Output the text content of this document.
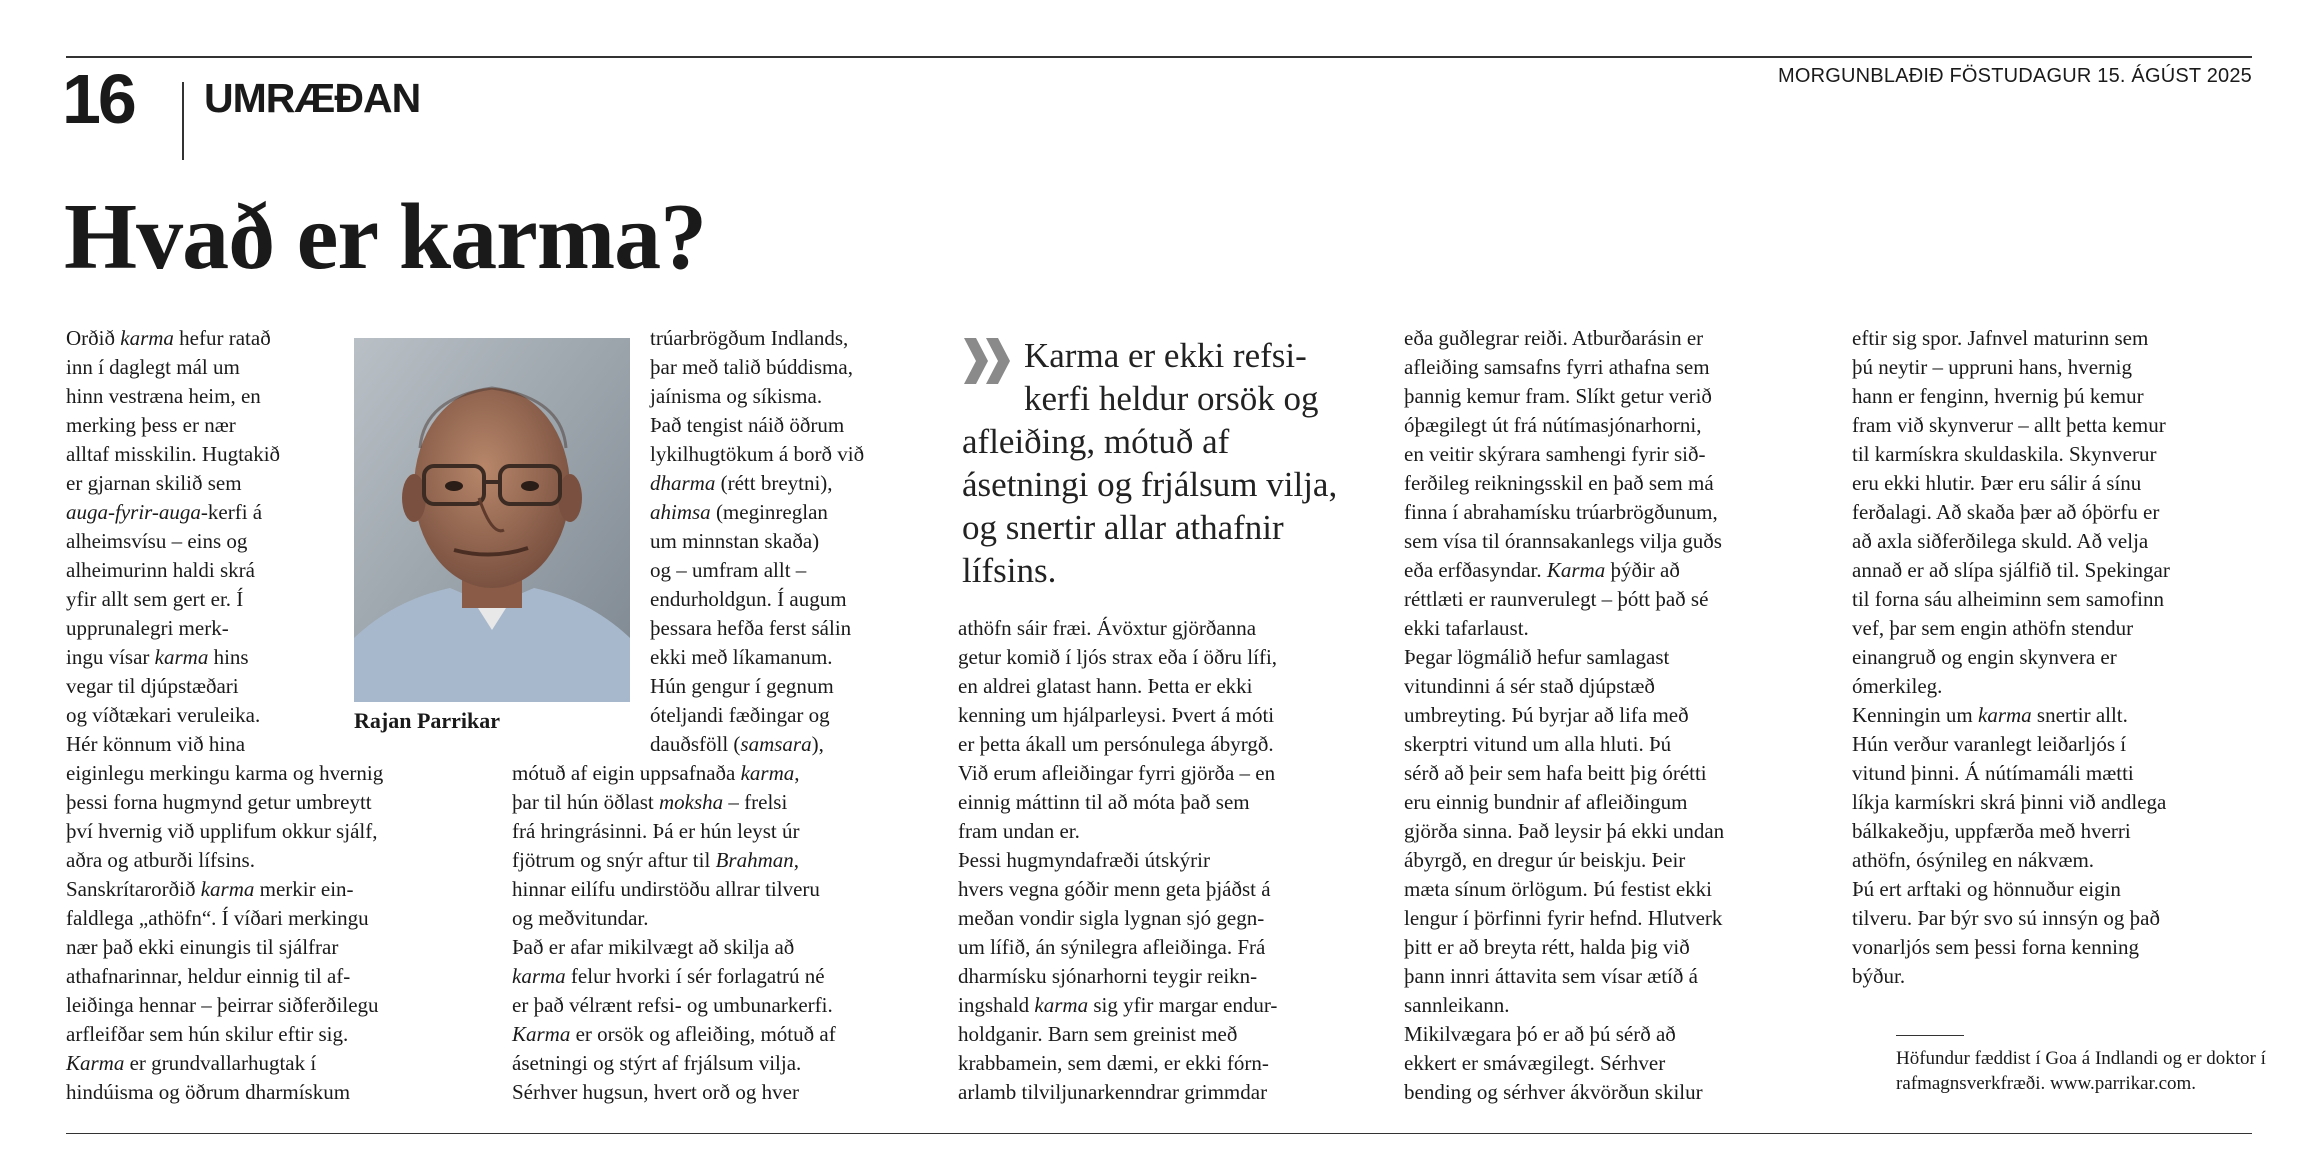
16 UMRÆÐAN	MORGUNBLAÐIÐ FÖSTUDAGUR 15. ÁGÚST 2025
Hvað er karma?

Orðið karma hefur ratað

inn í daglegt mál um

hinn vestræna heim, en

merking þess er nær

alltaf misskilin. Hugtakið

er gjarnan skilið sem

auga-fyrir-auga-kerfi á

alheimsvísu – eins og

alheimurinn haldi skrá

yfir allt sem gert er. Í

upprunalegri merk-

ingu vísar karma hins

vegar til djúpstæðari

og víðtækari veruleika.

Hér könnum við hina

eiginlegu merkingu karma og hvernig

þessi forna hugmynd getur umbreytt

því hvernig við upplifum okkur sjálf,

aðra og atburði lífsins.

Sanskrítarorðið karma merkir ein-

faldlega „athöfn“. Í víðari merkingu

nær það ekki einungis til sjálfrar

athafnarinnar, heldur einnig til af-

leiðinga hennar – þeirrar siðferðilegu

arfleifðar sem hún skilur eftir sig.

Karma er grundvallarhugtak í

hindúisma og öðrum dharmískum

Rajan Parrikar

trúarbrögðum Indlands,

þar með talið búddisma,

jaínisma og síkisma.

Það tengist náið öðrum

lykilhugtökum á borð við

dharma (rétt breytni),

ahimsa (meginreglan

um minnstan skaða)

og – umfram allt –

endurholdgun. Í augum

þessara hefða ferst sálin

ekki með líkamanum.

Hún gengur í gegnum

óteljandi fæðingar og

dauðsföll (samsara),

mótuð af eigin uppsafnaða karma,

þar til hún öðlast moksha – frelsi

frá hringrásinni. Þá er hún leyst úr

fjötrum og snýr aftur til Brahman,

hinnar eilífu undirstöðu allrar tilveru

og meðvitundar.

Það er afar mikilvægt að skilja að

karma felur hvorki í sér forlagatrú né

er það vélrænt refsi- og umbunarkerfi.

Karma er orsök og afleiðing, mótuð af

ásetningi og stýrt af frjálsum vilja.

Sérhver hugsun, hvert orð og hver

Karma er ekki refsi-kerfi heldur orsök og afleiðing, mótuð af ásetningi og frjálsum vilja, og snertir allar athafnir lífsins.

athöfn sáir fræi. Ávöxtur gjörðanna

getur komið í ljós strax eða í öðru lífi,

en aldrei glatast hann. Þetta er ekki

kenning um hjálparleysi. Þvert á móti

er þetta ákall um persónulega ábyrgð.

Við erum afleiðingar fyrri gjörða – en

einnig máttinn til að móta það sem

fram undan er.

Þessi hugmyndafræði útskýrir

hvers vegna góðir menn geta þjáðst á

meðan vondir sigla lygnan sjó gegn-

um lífið, án sýnilegra afleiðinga. Frá

dharmísku sjónarhorni teygir reikn-

ingshald karma sig yfir margar endur-

holdganir. Barn sem greinist með

krabbamein, sem dæmi, er ekki fórn-

arlamb tilviljunarkenndrar grimmdar

eða guðlegrar reiði. Atburðarásin er

afleiðing samsafns fyrri athafna sem

þannig kemur fram. Slíkt getur verið

óþægilegt út frá nútímasjónarhorni,

en veitir skýrara samhengi fyrir sið-

ferðileg reikningsskil en það sem má

finna í abrahamísku trúarbrögðunum,

sem vísa til órannsakanlegs vilja guðs

eða erfðasyndar. Karma þýðir að

réttlæti er raunverulegt – þótt það sé

ekki tafarlaust.

Þegar lögmálið hefur samlagast

vitundinni á sér stað djúpstæð

umbreyting. Þú byrjar að lifa með

skerptri vitund um alla hluti. Þú

sérð að þeir sem hafa beitt þig órétti

eru einnig bundnir af afleiðingum

gjörða sinna. Það leysir þá ekki undan

ábyrgð, en dregur úr beiskju. Þeir

mæta sínum örlögum. Þú festist ekki

lengur í þörfinni fyrir hefnd. Hlutverk

þitt er að breyta rétt, halda þig við

þann innri áttavita sem vísar ætíð á

sannleikann.

Mikilvægara þó er að þú sérð að

ekkert er smávægilegt. Sérhver

bending og sérhver ákvörðun skilur

eftir sig spor. Jafnvel maturinn sem

þú neytir – uppruni hans, hvernig

hann er fenginn, hvernig þú kemur

fram við skynverur – allt þetta kemur

til karmískra skuldaskila. Skynverur

eru ekki hlutir. Þær eru sálir á sínu

ferðalagi. Að skaða þær að óþörfu er

að axla siðferðilega skuld. Að velja

annað er að slípa sjálfið til. Spekingar

til forna sáu alheiminn sem samofinn

vef, þar sem engin athöfn stendur

einangruð og engin skynvera er

ómerkileg.

Kenningin um karma snertir allt.

Hún verður varanlegt leiðarljós í

vitund þinni. Á nútímamáli mætti

líkja karmískri skrá þinni við andlega

bálkakeðju, uppfærða með hverri

athöfn, ósýnileg en nákvæm.

Þú ert arftaki og hönnuður eigin

tilveru. Þar býr svo sú innsýn og það

vonarljós sem þessi forna kenning

býður.

Höfundur fæddist í Goa á Indlandi og er doktor í rafmagnsverkfræði. www.parrikar.com.
